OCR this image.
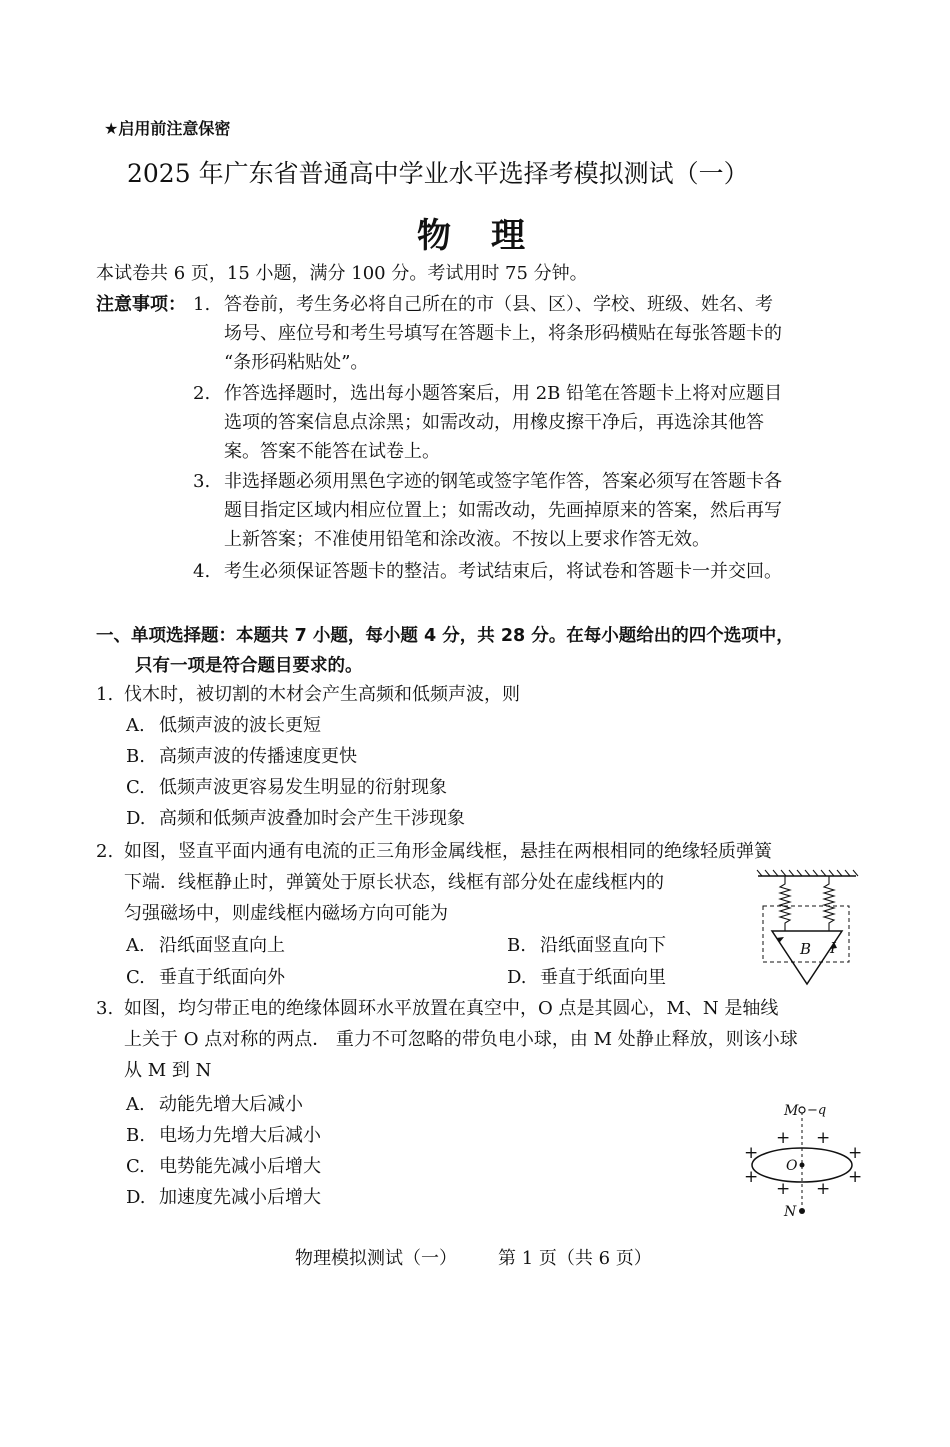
★启用前注意保密
2025 年广东省普通高中学业水平选择考模拟测试（一）
物理
本试卷共 6 页，15 小题，满分 100 分。考试用时 75 分钟。
注意事项： 1. 答卷前，考生务必将自己所在的市（县、区）、学校、班级、姓名、考
场号、座位号和考生号填写在答题卡上，将条形码横贴在每张答题卡的
“条形码粘贴处”。
2. 作答选择题时，选出每小题答案后，用 2B 铅笔在答题卡上将对应题目
选项的答案信息点涂黑；如需改动，用橡皮擦干净后，再选涂其他答
案。答案不能答在试卷上。
3. 非选择题必须用黑色字迹的钢笔或签字笔作答，答案必须写在答题卡各
题目指定区域内相应位置上；如需改动，先画掉原来的答案，然后再写
上新答案；不准使用铅笔和涂改液。不按以上要求作答无效。
4. 考生必须保证答题卡的整洁。考试结束后，将试卷和答题卡一并交回。
一、单项选择题：本题共 7 小题，每小题 4 分，共 28 分。在每小题给出的四个选项中，
只有一项是符合题目要求的。
1. 伐木时，被切割的木材会产生高频和低频声波，则
A. 低频声波的波长更短
B. 高频声波的传播速度更快
C. 低频声波更容易发生明显的衍射现象
D. 高频和低频声波叠加时会产生干涉现象
2. 如图，竖直平面内通有电流的正三角形金属线框，悬挂在两根相同的绝缘轻质弹簧
下端．线框静止时，弹簧处于原长状态，线框有部分处在虚线框内的
匀强磁场中，则虚线框内磁场方向可能为
A. 沿纸面竖直向上	B. 沿纸面竖直向下
C. 垂直于纸面向外	D. 垂直于纸面向里
B I
3. 如图，均匀带正电的绝缘体圆环水平放置在真空中，O 点是其圆心，M、N 是轴线
上关于 O 点对称的两点． 重力不可忽略的带负电小球，由 M 处静止释放，则该小球
从 M 到 N
A. 动能先增大后减小
B. 电场力先增大后减小
C. 电势能先减小后增大
D. 加速度先减小后增大
M −q
O
N
+ +
+	+
+	+
+ +
物理模拟测试（一） 第 1 页（共 6 页）
